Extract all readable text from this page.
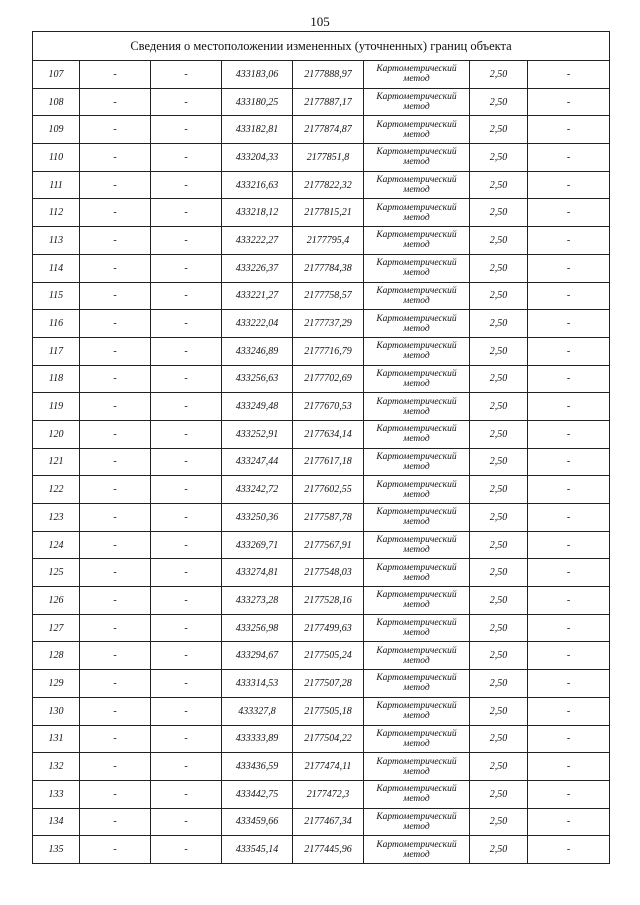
105
Сведения о местоположении измененных (уточненных) границ объекта							
107	-	-	433183,06	2177888,97	Картометрический метод	2,50	-
108	-	-	433180,25	2177887,17	Картометрический метод	2,50	-
109	-	-	433182,81	2177874,87	Картометрический метод	2,50	-
110	-	-	433204,33	2177851,8	Картометрический метод	2,50	-
111	-	-	433216,63	2177822,32	Картометрический метод	2,50	-
112	-	-	433218,12	2177815,21	Картометрический метод	2,50	-
113	-	-	433222,27	2177795,4	Картометрический метод	2,50	-
114	-	-	433226,37	2177784,38	Картометрический метод	2,50	-
115	-	-	433221,27	2177758,57	Картометрический метод	2,50	-
116	-	-	433222,04	2177737,29	Картометрический метод	2,50	-
117	-	-	433246,89	2177716,79	Картометрический метод	2,50	-
118	-	-	433256,63	2177702,69	Картометрический метод	2,50	-
119	-	-	433249,48	2177670,53	Картометрический метод	2,50	-
120	-	-	433252,91	2177634,14	Картометрический метод	2,50	-
121	-	-	433247,44	2177617,18	Картометрический метод	2,50	-
122	-	-	433242,72	2177602,55	Картометрический метод	2,50	-
123	-	-	433250,36	2177587,78	Картометрический метод	2,50	-
124	-	-	433269,71	2177567,91	Картометрический метод	2,50	-
125	-	-	433274,81	2177548,03	Картометрический метод	2,50	-
126	-	-	433273,28	2177528,16	Картометрический метод	2,50	-
127	-	-	433256,98	2177499,63	Картометрический метод	2,50	-
128	-	-	433294,67	2177505,24	Картометрический метод	2,50	-
129	-	-	433314,53	2177507,28	Картометрический метод	2,50	-
130	-	-	433327,8	2177505,18	Картометрический метод	2,50	-
131	-	-	433333,89	2177504,22	Картометрический метод	2,50	-
132	-	-	433436,59	2177474,11	Картометрический метод	2,50	-
133	-	-	433442,75	2177472,3	Картометрический метод	2,50	-
134	-	-	433459,66	2177467,34	Картометрический метод	2,50	-
135	-	-	433545,14	2177445,96	Картометрический метод	2,50	-
